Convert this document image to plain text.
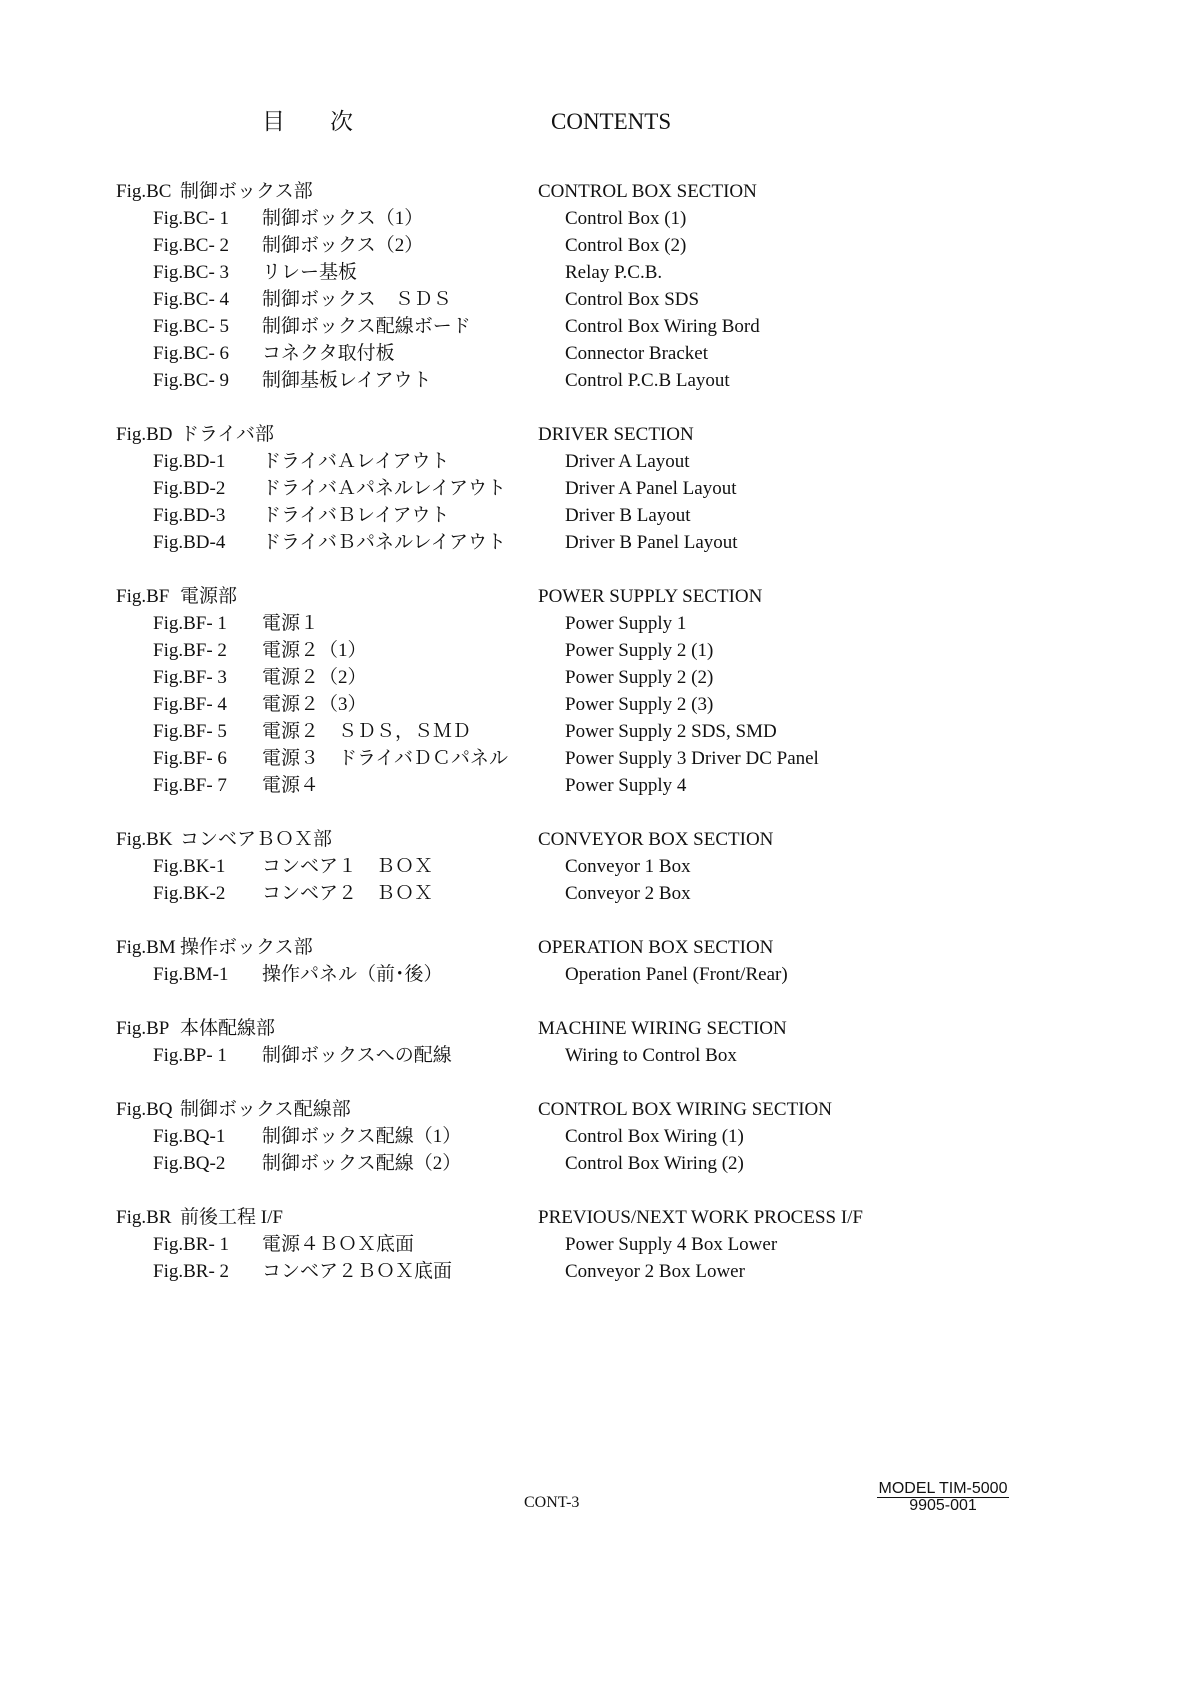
目 次	CONTENTS
Fig.BC 制御ボックス部	CONTROL BOX SECTION
Fig.BC- 1 制御ボックス（1）	Control Box (1)
Fig.BC- 2 制御ボックス（2）	Control Box (2)
Fig.BC- 3 リレー基板	Relay P.C.B.
Fig.BC- 4 制御ボックス　ＳＤＳ	Control Box SDS
Fig.BC- 5 制御ボックス配線ボード	Control Box Wiring Bord
Fig.BC- 6 コネクタ取付板	Connector Bracket
Fig.BC- 9 制御基板レイアウト	Control P.C.B Layout
Fig.BD ドライバ部	DRIVER SECTION
Fig.BD-1 ドライバＡレイアウト	Driver A Layout
Fig.BD-2 ドライバＡパネルレイアウト	Driver A Panel Layout
Fig.BD-3 ドライバＢレイアウト	Driver B Layout
Fig.BD-4 ドライバＢパネルレイアウト	Driver B Panel Layout
Fig.BF 電源部	POWER SUPPLY SECTION
Fig.BF- 1 電源１	Power Supply 1
Fig.BF- 2 電源２（1）	Power Supply 2 (1)
Fig.BF- 3 電源２（2）	Power Supply 2 (2)
Fig.BF- 4 電源２（3）	Power Supply 2 (3)
Fig.BF- 5 電源２　ＳＤＳ，ＳＭＤ	Power Supply 2 SDS, SMD
Fig.BF- 6 電源３　ドライバＤＣパネル	Power Supply 3 Driver DC Panel
Fig.BF- 7 電源４	Power Supply 4
Fig.BK コンベアＢＯＸ部	CONVEYOR BOX SECTION
Fig.BK-1 コンベア１　ＢＯＸ	Conveyor 1 Box
Fig.BK-2 コンベア２　ＢＯＸ	Conveyor 2 Box
Fig.BM 操作ボックス部	OPERATION BOX SECTION
Fig.BM-1 操作パネル（前･後）	Operation Panel (Front/Rear)
Fig.BP 本体配線部	MACHINE WIRING SECTION
Fig.BP- 1 制御ボックスへの配線	Wiring to Control Box
Fig.BQ 制御ボックス配線部	CONTROL BOX WIRING SECTION
Fig.BQ-1 制御ボックス配線（1）	Control Box Wiring (1)
Fig.BQ-2 制御ボックス配線（2）	Control Box Wiring (2)
Fig.BR 前後工程 I/F	PREVIOUS/NEXT WORK PROCESS I/F
Fig.BR- 1 電源４ＢＯＸ底面	Power Supply 4 Box Lower
Fig.BR- 2 コンベア２ＢＯＸ底面	Conveyor 2 Box Lower
CONT-3
MODEL TIM-5000
9905-001
